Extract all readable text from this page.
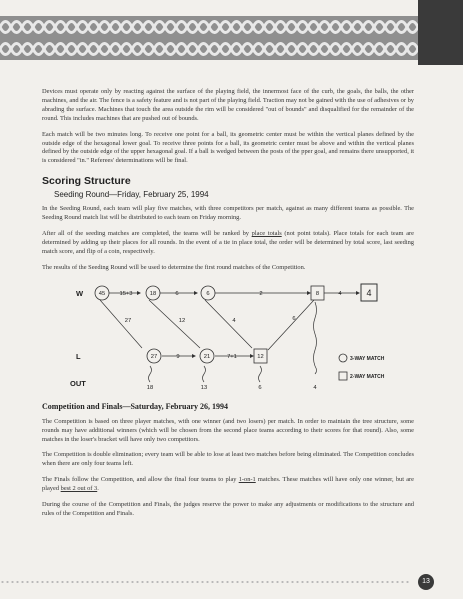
Devices must operate only by reacting against the surface of the playing field, the innermost face of the curb, the goals, the balls, the other machines, and the air. The fence is a safety feature and is not part of the playing field. Traction may not be gained with the use of adhesives or by abrading the surface. Machines that touch the area outside the rim will be considered "out of bounds" and disqualified for the remainder of the round. This includes machines that are pushed out of bounds.

Each match will be two minutes long. To receive one point for a ball, its geometric center must be within the vertical planes defined by the outside edge of the hexagonal lower goal. To receive three points for a ball, its geometric center must be above and within the vertical planes defined by the outside edge of the upper hexagonal goal. If a ball is wedged between the posts of the pper goal, and remains there unsupported, it is considered "in." Referees' determinations will be final.

Scoring Structure
Seeding Round—Friday, February 25, 1994

In the Seeding Round, each team will play five matches, with three competitors per match, against as many different teams as possible. The Seeding Round match list will be distributed to each team on Friday morning.

After all of the seeding matches are completed, the teams will be ranked by place totals (not point totals). Place totals for each team are determined by adding up their places for all rounds. In the event of a tie in place total, the order will be determined by total score, last seeding match score, and flip of a coin, respectively.

The results of the Seeding Round will be used to determine the first round matches of the Competition.

W
L
OUT
45	18	6	8	4
27	21	12
15+3	6	2	4
9	7+1
27	12	4	6
18	13	6	4
3-WAY MATCH
2-WAY MATCH
Competition and Finals—Saturday, February 26, 1994

The Competition is based on three player matches, with one winner (and two losers) per match. In order to maintain the tree structure, some rounds may have additional winners (which will be chosen from the second place teams according to their scores for that round). Also, some matches in the loser's bracket will have only two competitors.

The Competition is double elimination; every team will be able to lose at least two matches before being eliminated. The Competition concludes when there are only four teams left.

The Finals follow the Competition, and allow the final four teams to play 1-on-1 matches. These matches will have only one winner, but are played best 2 out of 3.

During the course of the Competition and Finals, the judges reserve the power to make any adjustments or modifications to the structure and rules of the Competition and Finals.

13
